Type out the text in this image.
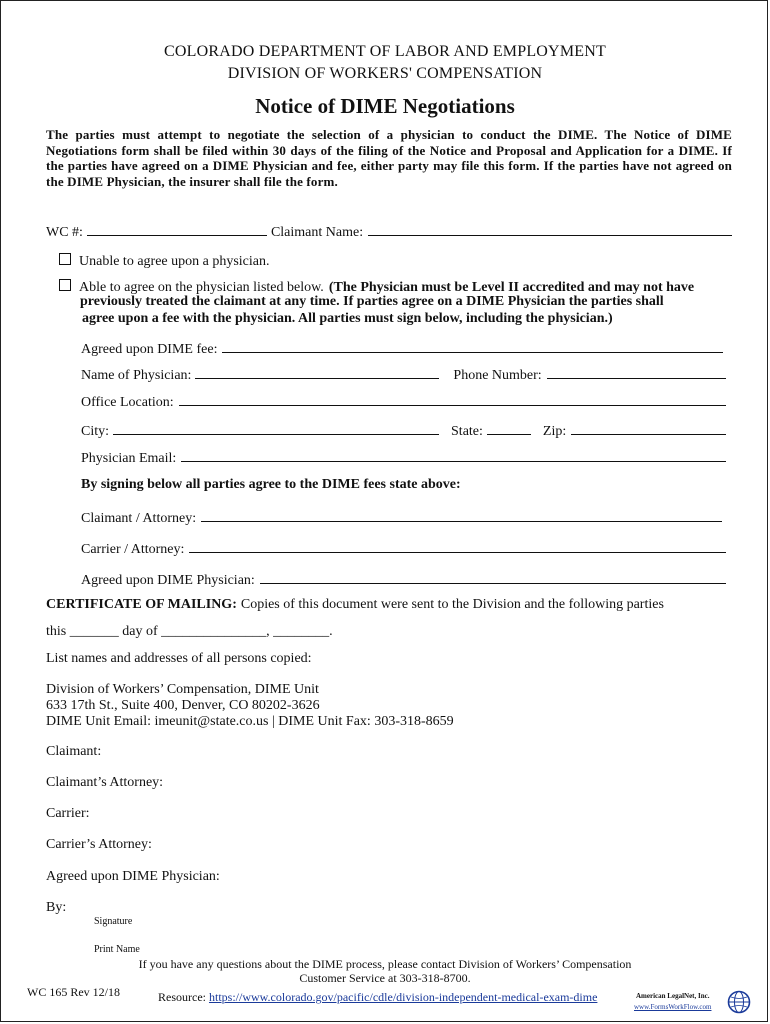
COLORADO DEPARTMENT OF LABOR AND EMPLOYMENT
DIVISION OF WORKERS' COMPENSATION
Notice of DIME Negotiations
The parties must attempt to negotiate the selection of a physician to conduct the DIME. The Notice of DIME Negotiations form shall be filed within 30 days of the filing of the Notice and Proposal and Application for a DIME. If the parties have agreed on a DIME Physician and fee, either party may file this form. If the parties have not agreed on the DIME Physician, the insurer shall file the form.
WC #:	Claimant Name:
Unable to agree upon a physician.
Able to agree on the physician listed below. (The Physician must be Level II accredited and may not have
previously treated the claimant at any time. If parties agree on a DIME Physician the parties shall
agree upon a fee with the physician. All parties must sign below, including the physician.)
Agreed upon DIME fee:
Name of Physician:	Phone Number:
Office Location:
City:	State:	Zip:
Physician Email:
By signing below all parties agree to the DIME fees state above:
Claimant / Attorney:
Carrier / Attorney:
Agreed upon DIME Physician:
CERTIFICATE OF MAILING: Copies of this document were sent to the Division and the following parties
this _______ day of _______________, ________.
List names and addresses of all persons copied:
Division of Workers’ Compensation, DIME Unit
633 17th St., Suite 400, Denver, CO 80202-3626
DIME Unit Email: imeunit@state.co.us | DIME Unit Fax: 303-318-8659
Claimant:
Claimant’s Attorney:
Carrier:
Carrier’s Attorney:
Agreed upon DIME Physician:
By:
Signature
Print Name
If you have any questions about the DIME process, please contact Division of Workers’ Compensation
Customer Service at 303-318-8700.
WC 165 Rev 12/18	Resource: https://www.colorado.gov/pacific/cdle/division-independent-medical-exam-dime	American LegalNet, Inc.
www.FormsWorkFlow.com
